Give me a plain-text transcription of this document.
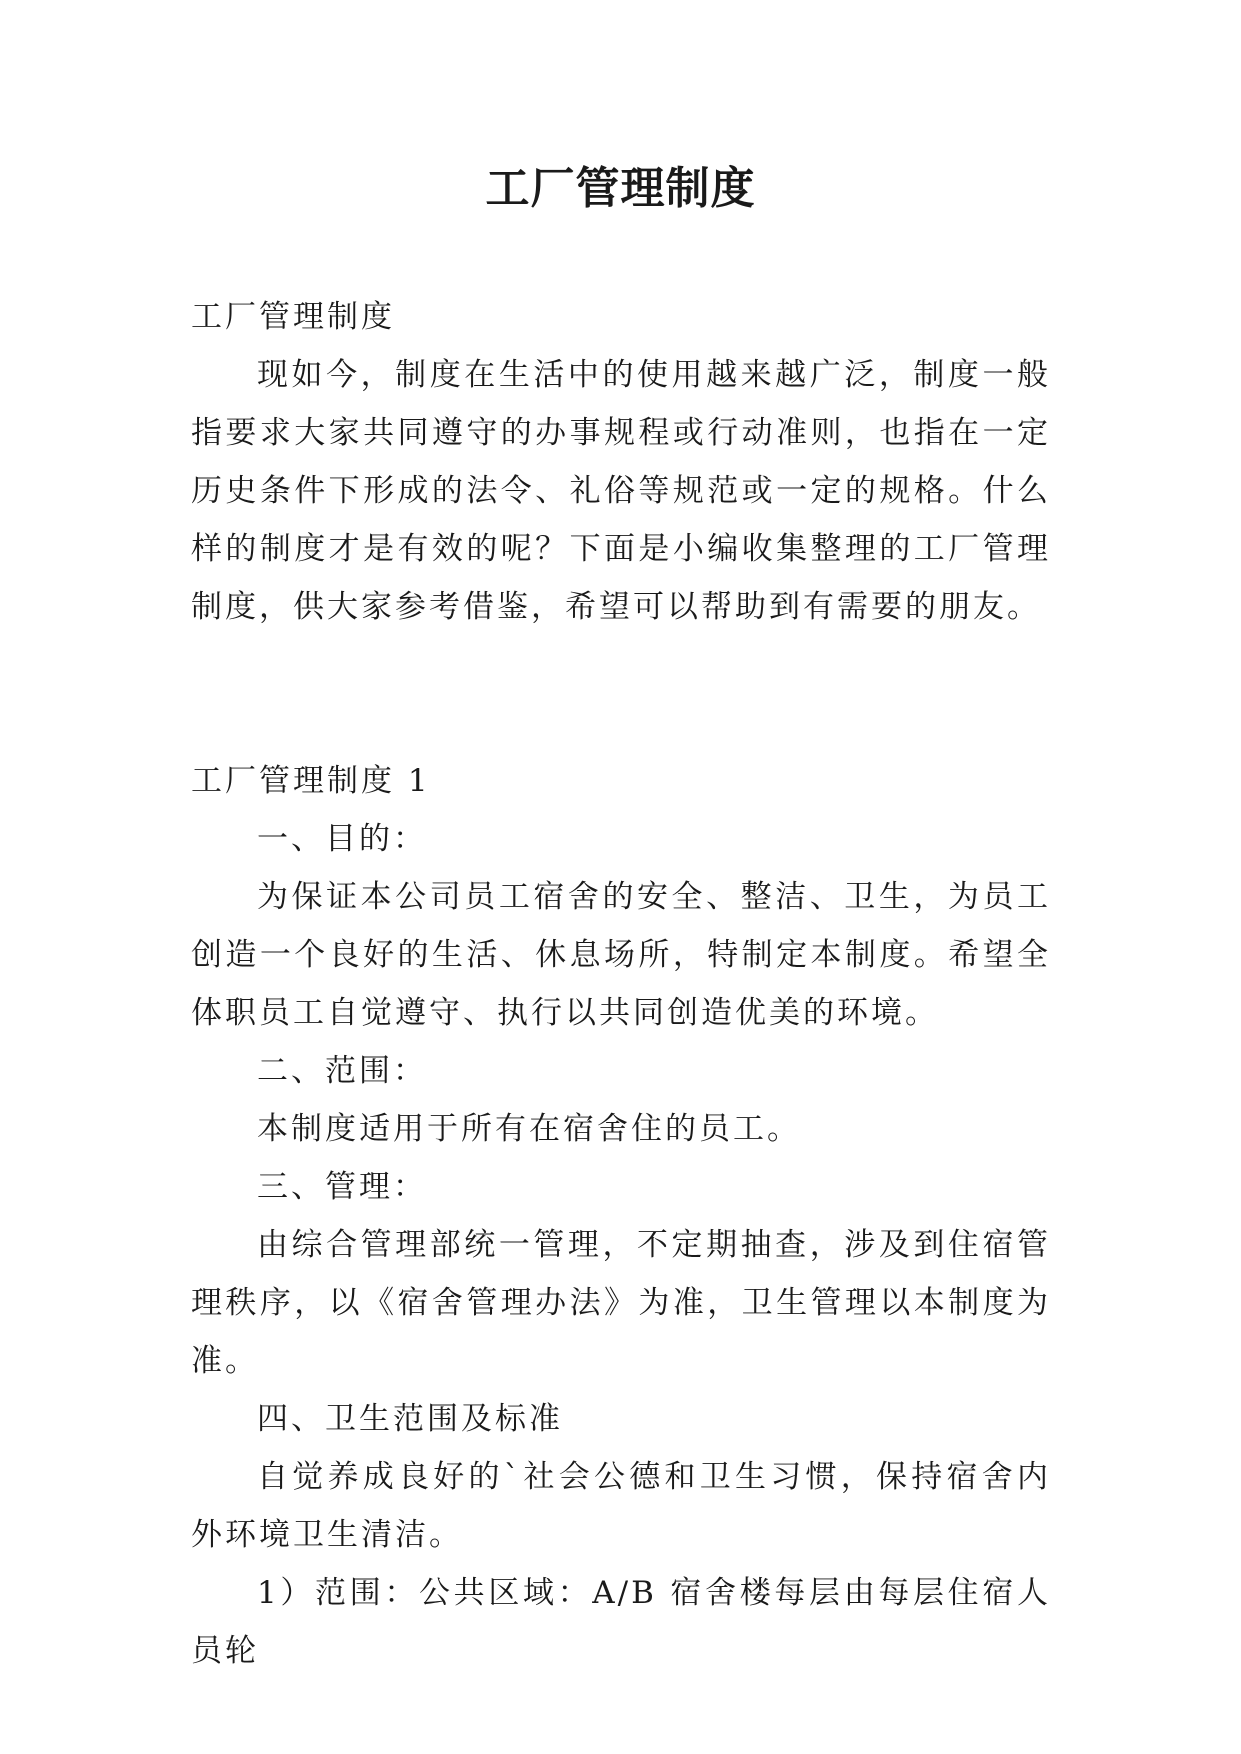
工厂管理制度

工厂管理制度

现如今，制度在生活中的使用越来越广泛，制度一般指要求大家共同遵守的办事规程或行动准则，也指在一定历史条件下形成的法令、礼俗等规范或一定的规格。什么样的制度才是有效的呢？下面是小编收集整理的工厂管理制度，供大家参考借鉴，希望可以帮助到有需要的朋友。

工厂管理制度 1

一、目的：

为保证本公司员工宿舍的安全、整洁、卫生，为员工创造一个良好的生活、休息场所，特制定本制度。希望全体职员工自觉遵守、执行以共同创造优美的环境。

二、范围：

本制度适用于所有在宿舍住的员工。

三、管理：

由综合管理部统一管理，不定期抽查，涉及到住宿管理秩序，以《宿舍管理办法》为准，卫生管理以本制度为准。

四、卫生范围及标准

自觉养成良好的`社会公德和卫生习惯，保持宿舍内外环境卫生清洁。

1）范围：公共区域：A/B 宿舍楼每层由每层住宿人员轮
